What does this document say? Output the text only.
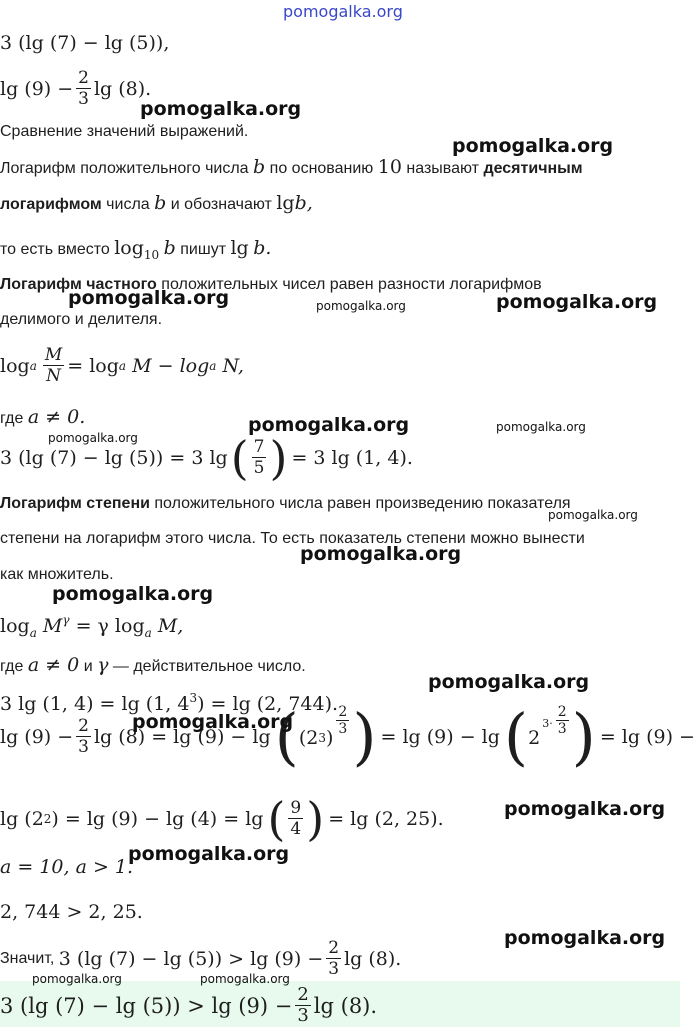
pomogalka.org
3 (lg (7) − lg (5)),
$\lg (9) - \frac{2}{3}$ lg (8).
Сравнение значений выражений.
Логарифм положительного числа b по основанию 10 называют десятичным
логарифмом числа b и обозначают lgb,
то есть вместо $\log_{10} b$ пишут lg b.
Логарифм частного положительных чисел равен разности логарифмов
делимого и делителя.
log a $\frac{M}{N} = \log a$
M − log a
N,
где a ≠ 0.
3 (lg (7) − lg (5)) = 3 lg ( $\frac{7}{5}$ ) = 3 lg (1, 4).
Логарифм степени положительного числа равен произведению показателя
степени на логарифм этого числа. То есть показатель степени можно вынести
как множитель.
$\log_a M^\gamma = \gamma$ $\log_a M$,
где a ≠ 0 и γ — действительное число.
3 lg (1, 4) = lg (1, $4^3) = \lg (2$, 744).
$\lg (9) - \frac{2}{3}$ lg (8) = lg (9) − lg ( (2 3 )
$\frac{2}{3}$ ) = lg (9) − lg ( 2
$3\cdot \frac{2}{3}$ ) = lg (9) −
lg (2 2 ) = lg (9) − lg (4) = lg ( $\frac{9}{4}$ ) = lg (2, 25).
a = 10, a > 1.
2, 744 > 2, 25.
Значит,
3 (lg $(7) - \lg (5)) > \lg (9) - \frac{2}{3}$ lg (8).
3 (lg $(7) - \lg (5)) > \lg (9) - \frac{2}{3}$ lg (8).
pomogalka.org
pomogalka.org
pomogalka.org	pomogalka.org	pomogalka.org
pomogalka.org	pomogalka.org
pomogalka.org
pomogalka.org
pomogalka.org
pomogalka.org
pomogalka.org
pomogalka.org
pomogalka.org
pomogalka.org
pomogalka.org
pomogalka.org	pomogalka.org
